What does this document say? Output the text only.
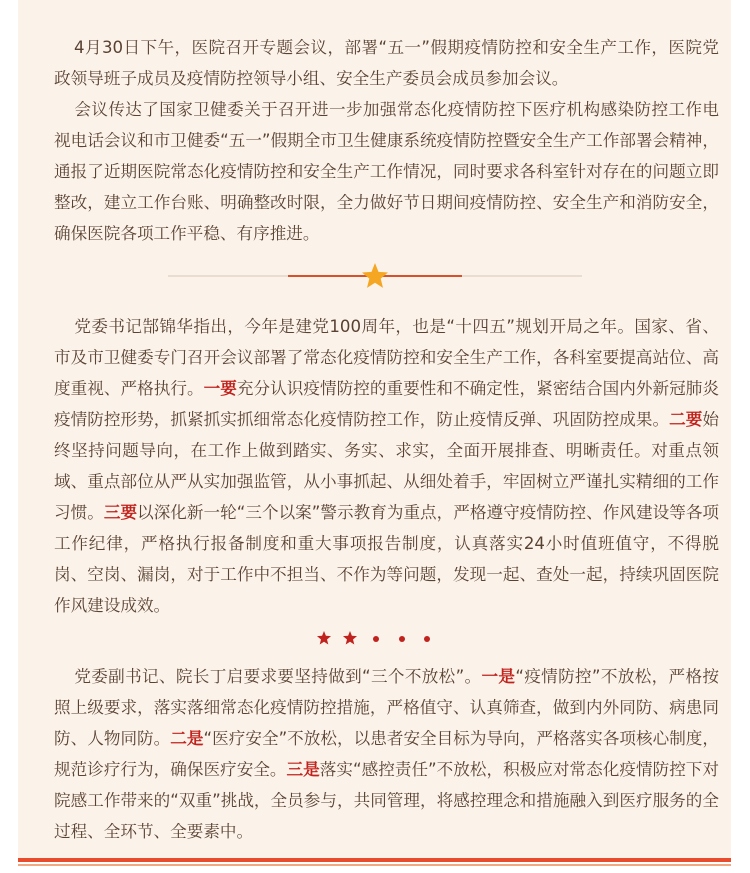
4月30日下午，医院召开专题会议，部署“五一”假期疫情防控和安全生产工作，医院党政领导班子成员及疫情防控领导小组、安全生产委员会成员参加会议。

会议传达了国家卫健委关于召开进一步加强常态化疫情防控下医疗机构感染防控工作电视电话会议和市卫健委“五一”假期全市卫生健康系统疫情防控暨安全生产工作部署会精神，通报了近期医院常态化疫情防控和安全生产工作情况，同时要求各科室针对存在的问题立即整改，建立工作台账、明确整改时限，全力做好节日期间疫情防控、安全生产和消防安全，确保医院各项工作平稳、有序推进。

党委书记郜锦华指出，今年是建党100周年，也是“十四五”规划开局之年。国家、省、市及市卫健委专门召开会议部署了常态化疫情防控和安全生产工作，各科室要提高站位、高度重视、严格执行。一要充分认识疫情防控的重要性和不确定性，紧密结合国内外新冠肺炎疫情防控形势，抓紧抓实抓细常态化疫情防控工作，防止疫情反弹、巩固防控成果。二要始终坚持问题导向，在工作上做到踏实、务实、求实，全面开展排查、明晰责任。对重点领域、重点部位从严从实加强监管，从小事抓起、从细处着手，牢固树立严谨扎实精细的工作习惯。三要以深化新一轮“三个以案”警示教育为重点，严格遵守疫情防控、作风建设等各项工作纪律，严格执行报备制度和重大事项报告制度，认真落实24小时值班值守，不得脱岗、空岗、漏岗，对于工作中不担当、不作为等问题，发现一起、查处一起，持续巩固医院作风建设成效。

党委副书记、院长丁启要求要坚持做到“三个不放松”。一是“疫情防控”不放松，严格按照上级要求，落实落细常态化疫情防控措施，严格值守、认真筛查，做到内外同防、病患同防、人物同防。二是“医疗安全”不放松，以患者安全目标为导向，严格落实各项核心制度，规范诊疗行为，确保医疗安全。三是落实“感控责任”不放松，积极应对常态化疫情防控下对院感工作带来的“双重”挑战，全员参与，共同管理，将感控理念和措施融入到医疗服务的全过程、全环节、全要素中。
